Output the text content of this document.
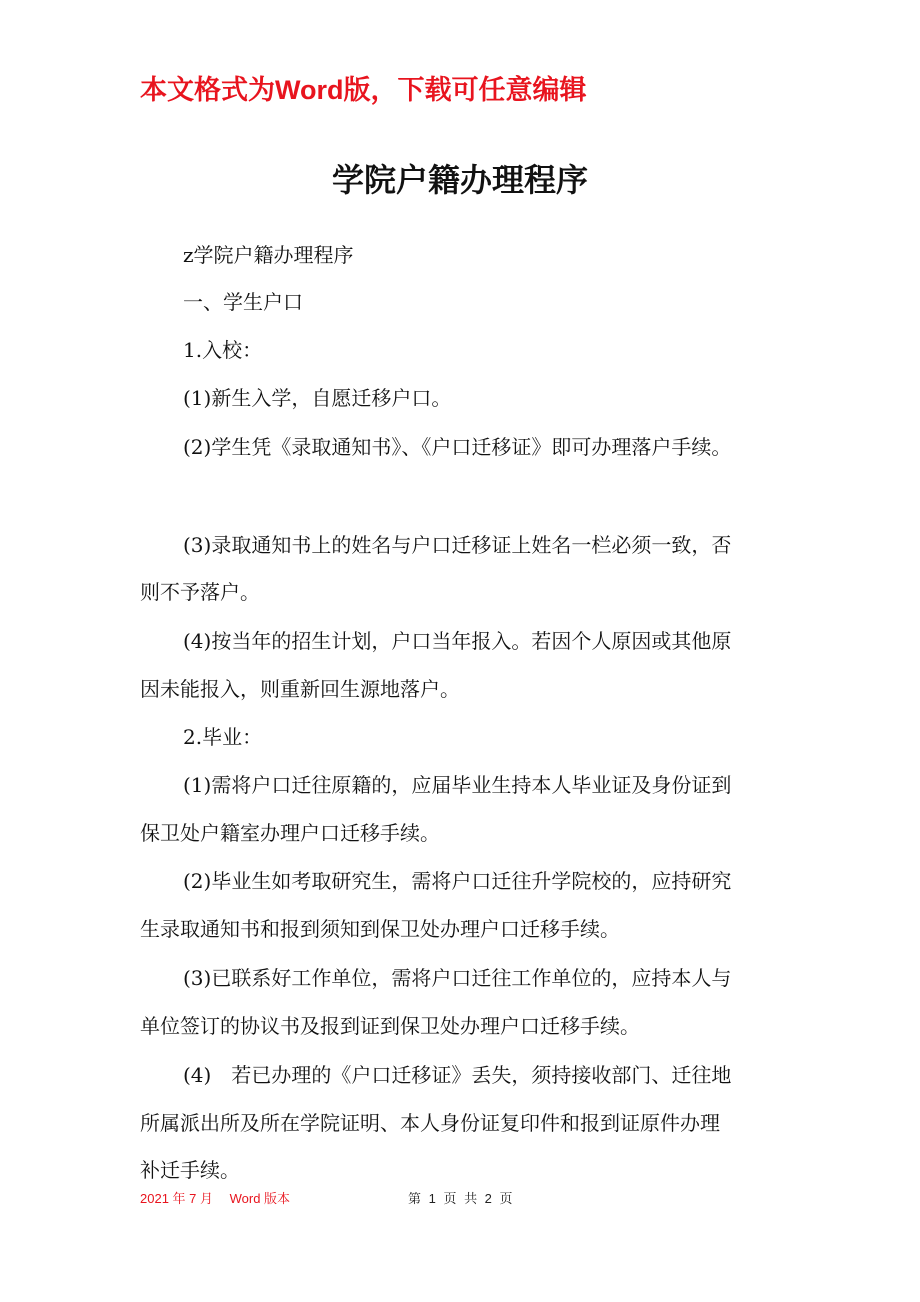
本文格式为Word版，下载可任意编辑
学院户籍办理程序
z学院户籍办理程序
一、学生户口
1.入校：
(1)新生入学，自愿迁移户口。
(2)学生凭《录取通知书》、《户口迁移证》即可办理落户手续。
(3)录取通知书上的姓名与户口迁移证上姓名一栏必须一致，否
则不予落户。
(4)按当年的招生计划，户口当年报入。若因个人原因或其他原
因未能报入，则重新回生源地落户。
2.毕业：
(1)需将户口迁往原籍的，应届毕业生持本人毕业证及身份证到
保卫处户籍室办理户口迁移手续。
(2)毕业生如考取研究生，需将户口迁往升学院校的，应持研究
生录取通知书和报到须知到保卫处办理户口迁移手续。
(3)已联系好工作单位，需将户口迁往工作单位的，应持本人与
单位签订的协议书及报到证到保卫处办理户口迁移手续。
(4)　若已办理的《户口迁移证》丢失，须持接收部门、迁往地
所属派出所及所在学院证明、本人身份证复印件和报到证原件办理
补迁手续。
2021 年 7 月　 Word 版本	第 1 页 共 2 页
